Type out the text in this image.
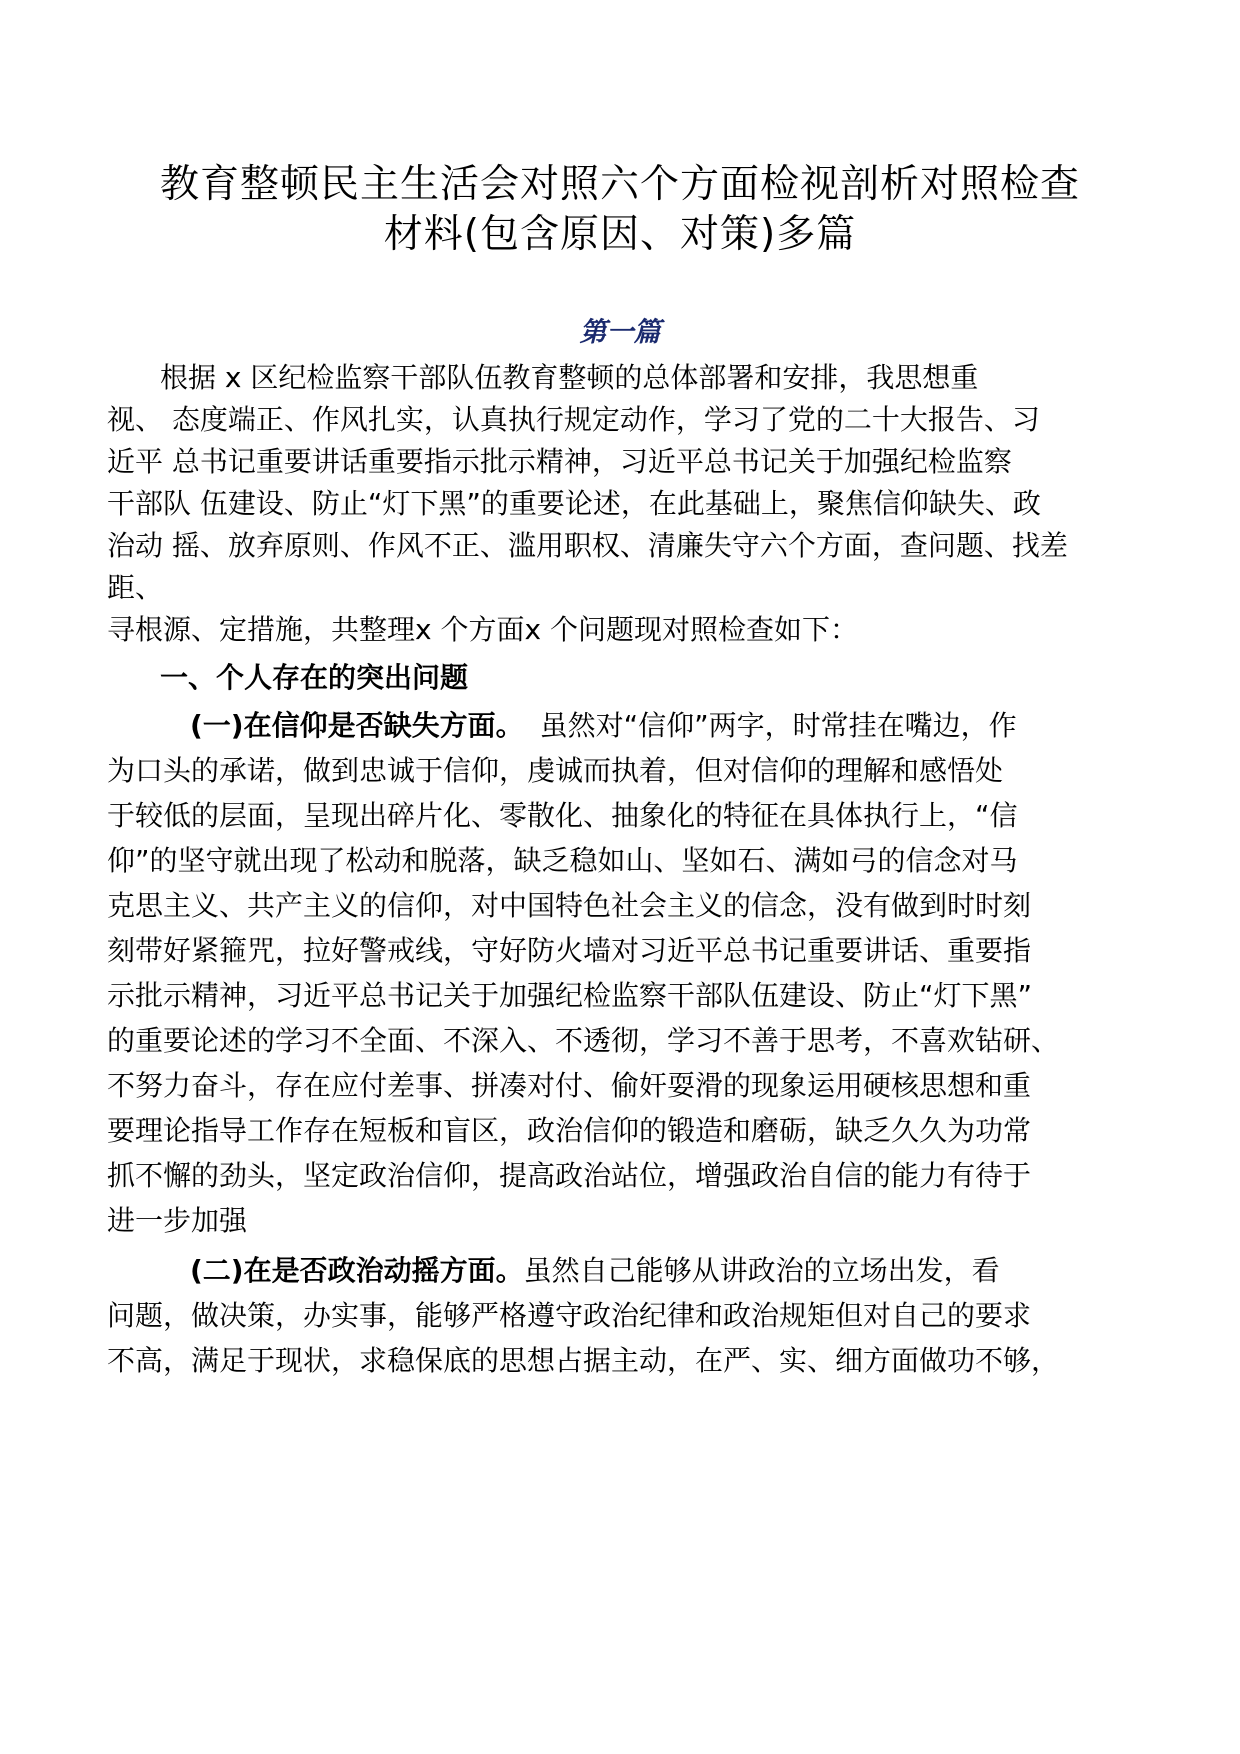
教育整顿民主生活会对照六个方面检视剖析对照检查
材料(包含原因、对策)多篇
第一篇
根据 x 区纪检监察干部队伍教育整顿的总体部署和安排，我思想重
视、 态度端正、作风扎实，认真执行规定动作，学习了党的二十大报告、习
近平 总书记重要讲话重要指示批示精神，习近平总书记关于加强纪检监察
干部队 伍建设、防止“灯下黑”的重要论述，在此基础上，聚焦信仰缺失、政
治动 摇、放弃原则、作风不正、滥用职权、清廉失守六个方面，查问题、找差
距、
寻根源、定措施，共整理x 个方面x 个问题现对照检查如下：
一、个人存在的突出问题
(一)在信仰是否缺失方面。 虽然对“信仰”两字，时常挂在嘴边，作
为口头的承诺，做到忠诚于信仰，虔诚而执着，但对信仰的理解和感悟处
于较低的层面，呈现出碎片化、零散化、抽象化的特征在具体执行上，“信
仰”的坚守就出现了松动和脱落，缺乏稳如山、坚如石、满如弓的信念对马
克思主义、共产主义的信仰，对中国特色社会主义的信念，没有做到时时刻
刻带好紧箍咒，拉好警戒线，守好防火墙对习近平总书记重要讲话、重要指
示批示精神，习近平总书记关于加强纪检监察干部队伍建设、防止“灯下黑”
的重要论述的学习不全面、不深入、不透彻，学习不善于思考，不喜欢钻研、
不努力奋斗，存在应付差事、拼凑对付、偷奸耍滑的现象运用硬核思想和重
要理论指导工作存在短板和盲区，政治信仰的锻造和磨砺，缺乏久久为功常
抓不懈的劲头，坚定政治信仰，提高政治站位，增强政治自信的能力有待于
进一步加强
(二)在是否政治动摇方面。虽然自己能够从讲政治的立场出发，看
问题，做决策，办实事，能够严格遵守政治纪律和政治规矩但对自己的要求
不高，满足于现状，求稳保底的思想占据主动，在严、实、细方面做功不够，
